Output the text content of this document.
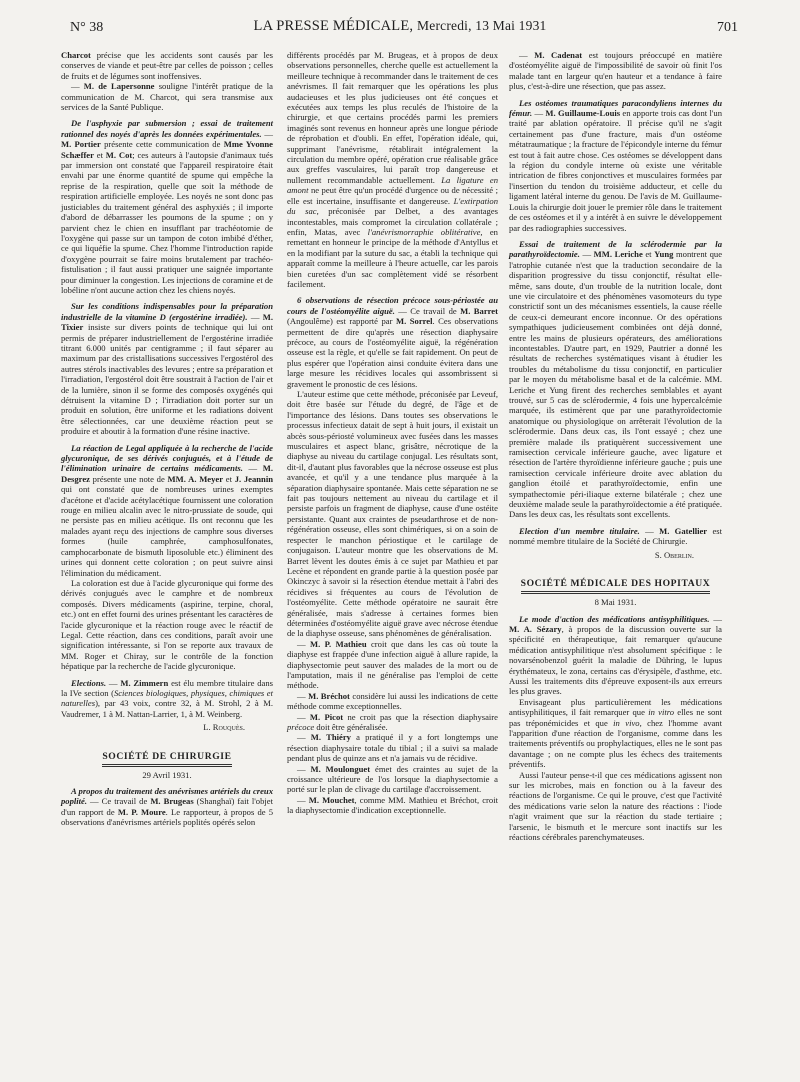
N° 38	LA PRESSE MÉDICALE, Mercredi, 13 Mai 1931	701

Charcot précise que les accidents sont causés par les conserves de viande et peut-être par celles de poisson ; celles de fruits et de légumes sont inoffensives.

— M. de Lapersonne souligne l'intérêt pratique de la communication de M. Charcot, qui sera transmise aux services de la Santé Publique.

De l'asphyxie par submersion ; essai de traitement rationnel des noyés d'après les données expérimentales. — M. Portier présente cette communication de Mme Yvonne Schæffer et M. Cot; ces auteurs à l'autopsie d'animaux tués par immersion ont constaté que l'appareil respiratoire était envahi par une énorme quantité de spume qui empêche la reprise de la respiration, quelle que soit la méthode de respiration artificielle employée. Les noyés ne sont donc pas justiciables du traitement général des asphyxiés ; il importe d'abord de débarrasser les poumons de la spume ; on y parvient chez le chien en insufflant par trachéotomie de l'oxygène qui passe sur un tampon de coton imbibé d'éther, ce qui liquéfie la spume. Chez l'homme l'introduction rapide d'oxygène pourrait se faire moins brutalement par trachéo-fistulisation ; il faut aussi pratiquer une saignée importante pour diminuer la congestion. Les injections de coramine et de lobéline n'ont aucune action chez les chiens noyés.

Sur les conditions indispensables pour la préparation industrielle de la vitamine D (ergostérine irradiée). — M. Tixier insiste sur divers points de technique qui lui ont permis de préparer industriellement de l'ergostérine irradiée titrant 6.000 unités par centigramme ; il faut séparer au maximum par des cristallisations successives l'ergostérol des autres stérols inactivables des levures ; entre sa préparation et l'irradiation, l'ergostérol doit être soustrait à l'action de l'air et de la lumière, sinon il se forme des composés oxygénés qui détruisent la vitamine D ; l'irradiation doit porter sur un produit en solution, être uniforme et les radiations doivent être sélectionnées, car une deuxième réaction peut se produire et aboutir à la formation d'une résine inactive.

La réaction de Legal appliquée à la recherche de l'acide glycuronique, de ses dérivés conjugués, et à l'étude de l'élimination urinaire de certains médicaments. — M. Desgrez présente une note de MM. A. Meyer et J. Jeannin qui ont constaté que de nombreuses urines exemptes d'acétone et d'acide acétylacétique fournissent une coloration rouge en milieu alcalin avec le nitro-prussiate de soude, qui ne persiste pas en milieu acétique. Ils ont reconnu que les malades ayant reçu des injections de camphre sous diverses formes (huile camphrée, camphosulfonates, camphocarbonate de bismuth liposoluble etc.) éliminent des urines qui donnent cette coloration ; on peut suivre ainsi l'élimination du médicament.

La coloration est due à l'acide glycuronique qui forme des dérivés conjugués avec le camphre et de nombreux composés. Divers médicaments (aspirine, terpine, choral, etc.) ont en effet fourni des urines présentant les caractères de l'acide glycuronique et la réaction rouge avec le réactif de Legal. Cette réaction, dans ces conditions, paraît avoir une signification intéressante, si l'on se reporte aux travaux de MM. Roger et Chiray, sur le contrôle de la fonction hépatique par la recherche de l'acide glycuronique.

Elections. — M. Zimmern est élu membre titulaire dans la IVe section (Sciences biologiques, physiques, chimiques et naturelles), par 43 voix, contre 32, à M. Strohl, 2 à M. Vaudremer, 1 à M. Nattan-Larrier, 1, à M. Weinberg.

L. Rouquès.
SOCIÉTÉ DE CHIRURGIE
29 Avril 1931.

A propos du traitement des anévrismes artériels du creux poplité. — Ce travail de M. Brugeas (Shanghaï) fait l'objet d'un rapport de M. P. Moure. Le rapporteur, à propos de 5 observations d'anévrismes artériels poplités opérés selon

différents procédés par M. Brugeas, et à propos de deux observations personnelles, cherche quelle est actuellement la meilleure technique à recommander dans le traitement de ces anévrismes. Il fait remarquer que les opérations les plus audacieuses et les plus judicieuses ont été conçues et exécutées aux temps les plus reculés de l'histoire de la chirurgie, et que certains procédés parmi les premiers imaginés sont revenus en honneur après une longue période de réprobation et d'oubli. En effet, l'opération idéale, qui, supprimant l'anévrisme, rétablirait intégralement la circulation du membre opéré, opération crue réalisable grâce aux greffes vasculaires, lui paraît trop dangereuse et nullement recommandable actuellement. La ligature en amont ne peut être qu'un procédé d'urgence ou de nécessité ; elle est incertaine, insuffisante et dangereuse. L'extirpation du sac, préconisée par Delbet, a des avantages incontestables, mais compromet la circulation collatérale ; enfin, Matas, avec l'anévrismorraphie oblitérative, en remettant en honneur le principe de la méthode d'Antyllus et en la modifiant par la suture du sac, a établi la technique qui apparaît comme la meilleure à l'heure actuelle, car les parois bien curetées d'un sac complètement vidé se résorbent facilement.

6 observations de résection précoce sous-périostée au cours de l'ostéomyélite aiguë. — Ce travail de M. Barret (Angoulême) est rapporté par M. Sorrel. Ces observations permettent de dire qu'après une résection diaphysaire précoce, au cours de l'ostéomyélite aiguë, la régénération osseuse est la règle, et qu'elle se fait rapidement. On peut de plus espérer que l'opération ainsi conduite évitera dans une large mesure les récidives locales qui assombrissent si gravement le pronostic de ces lésions.

L'auteur estime que cette méthode, préconisée par Leveuf, doit être basée sur l'étude du degré, de l'âge et de l'importance des lésions. Dans toutes ses observations le processus infectieux datait de sept à huit jours, il existait un abcès sous-périosté volumineux avec fusées dans les masses musculaires et aspect blanc, grisâtre, nécrotique de la diaphyse au niveau du cartilage conjugal. Les résultats sont, dit-il, d'autant plus favorables que la nécrose osseuse est plus avancée, et qu'il y a une tendance plus marquée à la séparation diaphysaire spontanée. Mais cette séparation ne se fait pas toujours nettement au niveau du cartilage et il persiste parfois un fragment de diaphyse, cause d'une ostéite persistante. Quant aux craintes de pseudarthrose et de non-régénération osseuse, elles sont chimériques, si on a soin de respecter le manchon périostique et le cartilage de conjugaison. L'auteur montre que les observations de M. Barret lèvent les doutes émis à ce sujet par Mathieu et par Lecène et répondent en grande partie à la question posée par Okinczyc à savoir si la résection étendue mettait à l'abri des récidives si fréquentes au cours de l'évolution de l'ostéomyélite. Cette méthode opératoire ne saurait être généralisée, mais s'adresse à certaines formes bien déterminées d'ostéomyélite aiguë grave avec nécrose étendue de la diaphyse osseuse, sans phénomènes de généralisation.

— M. P. Mathieu croit que dans les cas où toute la diaphyse est frappée d'une infection aiguë à allure rapide, la diaphysectomie peut sauver des malades de la mort ou de l'amputation, mais il ne généralise pas l'emploi de cette méthode.

— M. Bréchot considère lui aussi les indications de cette méthode comme exceptionnelles.

— M. Picot ne croit pas que la résection diaphysaire précoce doit être généralisée.

— M. Thiéry a pratiqué il y a fort longtemps une résection diaphysaire totale du tibial ; il a suivi sa malade pendant plus de quinze ans et n'a jamais vu de récidive.

— M. Moulonguet émet des craintes au sujet de la croissance ultérieure de l'os lorsque la diaphysectomie a porté sur le plan de clivage du cartilage d'accroissement.

— M. Mouchet, comme MM. Mathieu et Bréchot, croit la diaphysectomie d'indication exceptionnelle.

— M. Cadenat est toujours préoccupé en matière d'ostéomyélite aiguë de l'impossibilité de savoir où finit l'os malade tant en largeur qu'en hauteur et a tendance à faire plus, c'est-à-dire une résection, que pas assez.

Les ostéomes traumatiques paracondyliens internes du fémur. — M. Guillaume-Louis en apporte trois cas dont l'un traité par ablation opératoire. Il précise qu'il ne s'agit certainement pas d'une fracture, mais d'un ostéome métatraumatique ; la fracture de l'épicondyle interne du fémur est tout à fait autre chose. Ces ostéomes se développent dans la région du condyle interne où existe une véritable intrication de fibres conjonctives et musculaires formées par l'insertion du tendon du troisième adducteur, et celle du ligament latéral interne du genou. De l'avis de M. Guillaume-Louis la chirurgie doit jouer le premier rôle dans le traitement de ces ostéomes et il y a intérêt à en suivre le développement par des radiographies successives.

Essai de traitement de la sclérodermie par la parathyroïdectomie. — MM. Leriche et Yung montrent que l'atrophie cutanée n'est que la traduction secondaire de la disparition progressive du tissu conjonctif, résultat elle-même, sans doute, d'un trouble de la nutrition locale, dont une vie circulatoire et des phénomènes vasomoteurs du type constrictif sont un des mécanismes essentiels, la cause réelle de ceux-ci demeurant encore inconnue. Or des opérations sympathiques judicieusement combinées ont déjà donné, entre les mains de plusieurs opérateurs, des améliorations incontestables. D'autre part, en 1929, Pautrier a donné les résultats de recherches systématiques visant à étudier les troubles du métabolisme du tissu conjonctif, en particulier par le moyen du métabolisme basal et de la calcémie. MM. Leriche et Yung firent des recherches semblables et ayant trouvé, sur 5 cas de sclérodermie, 4 fois une hypercalcémie marquée, ils estimèrent que par une parathyroïdectomie anatomique ou physiologique on arrêterait l'évolution de la sclérodermie. Dans deux cas, ils l'ont essayé ; chez une première malade ils pratiquèrent successivement une ramisection cervicale inférieure gauche, avec ligature et résection de l'artère thyroïdienne inférieure gauche ; puis une ramisection cervicale inférieure droite avec ablation du ganglion étoilé et parathyroïdectomie, enfin une sympathectomie péri-iliaque externe bilatérale ; chez une deuxième malade seule la parathyroïdectomie a été pratiquée. Dans les deux cas, les résultats sont excellents.

Election d'un membre titulaire. — M. Gatellier est nommé membre titulaire de la Société de Chirurgie.

S. Oberlin.
SOCIÉTÉ MÉDICALE DES HOPITAUX
8 Mai 1931.

Le mode d'action des médications antisyphilitiques. — M. A. Sézary, à propos de la discussion ouverte sur la spécificité en thérapeutique, fait remarquer qu'aucune médication antisyphilitique n'est absolument spécifique : le novarsénobenzol guérit la maladie de Dühring, le lupus érythémateux, le zona, certains cas d'érysipèle, d'asthme, etc. Aussi les traitements dits d'épreuve exposent-ils aux erreurs les plus graves.

Envisageant plus particulièrement les médications antisyphilitiques, il fait remarquer que in vitro elles ne sont pas tréponémicides et que in vivo, chez l'homme avant l'apparition d'une réaction de l'organisme, comme dans les traitements préventifs ou prophylactiques, elles ne le sont pas davantage ; on ne compte plus les échecs des traitements préventifs.

Aussi l'auteur pense-t-il que ces médications agissent non sur les microbes, mais en fonction ou à la faveur des réactions de l'organisme. Ce qui le prouve, c'est que l'activité des médications varie selon la nature des réactions : l'iode n'agit vraiment que sur la réaction du stade tertiaire ; l'arsenic, le bismuth et le mercure sont inactifs sur les réactions cérébrales parenchymateuses.
